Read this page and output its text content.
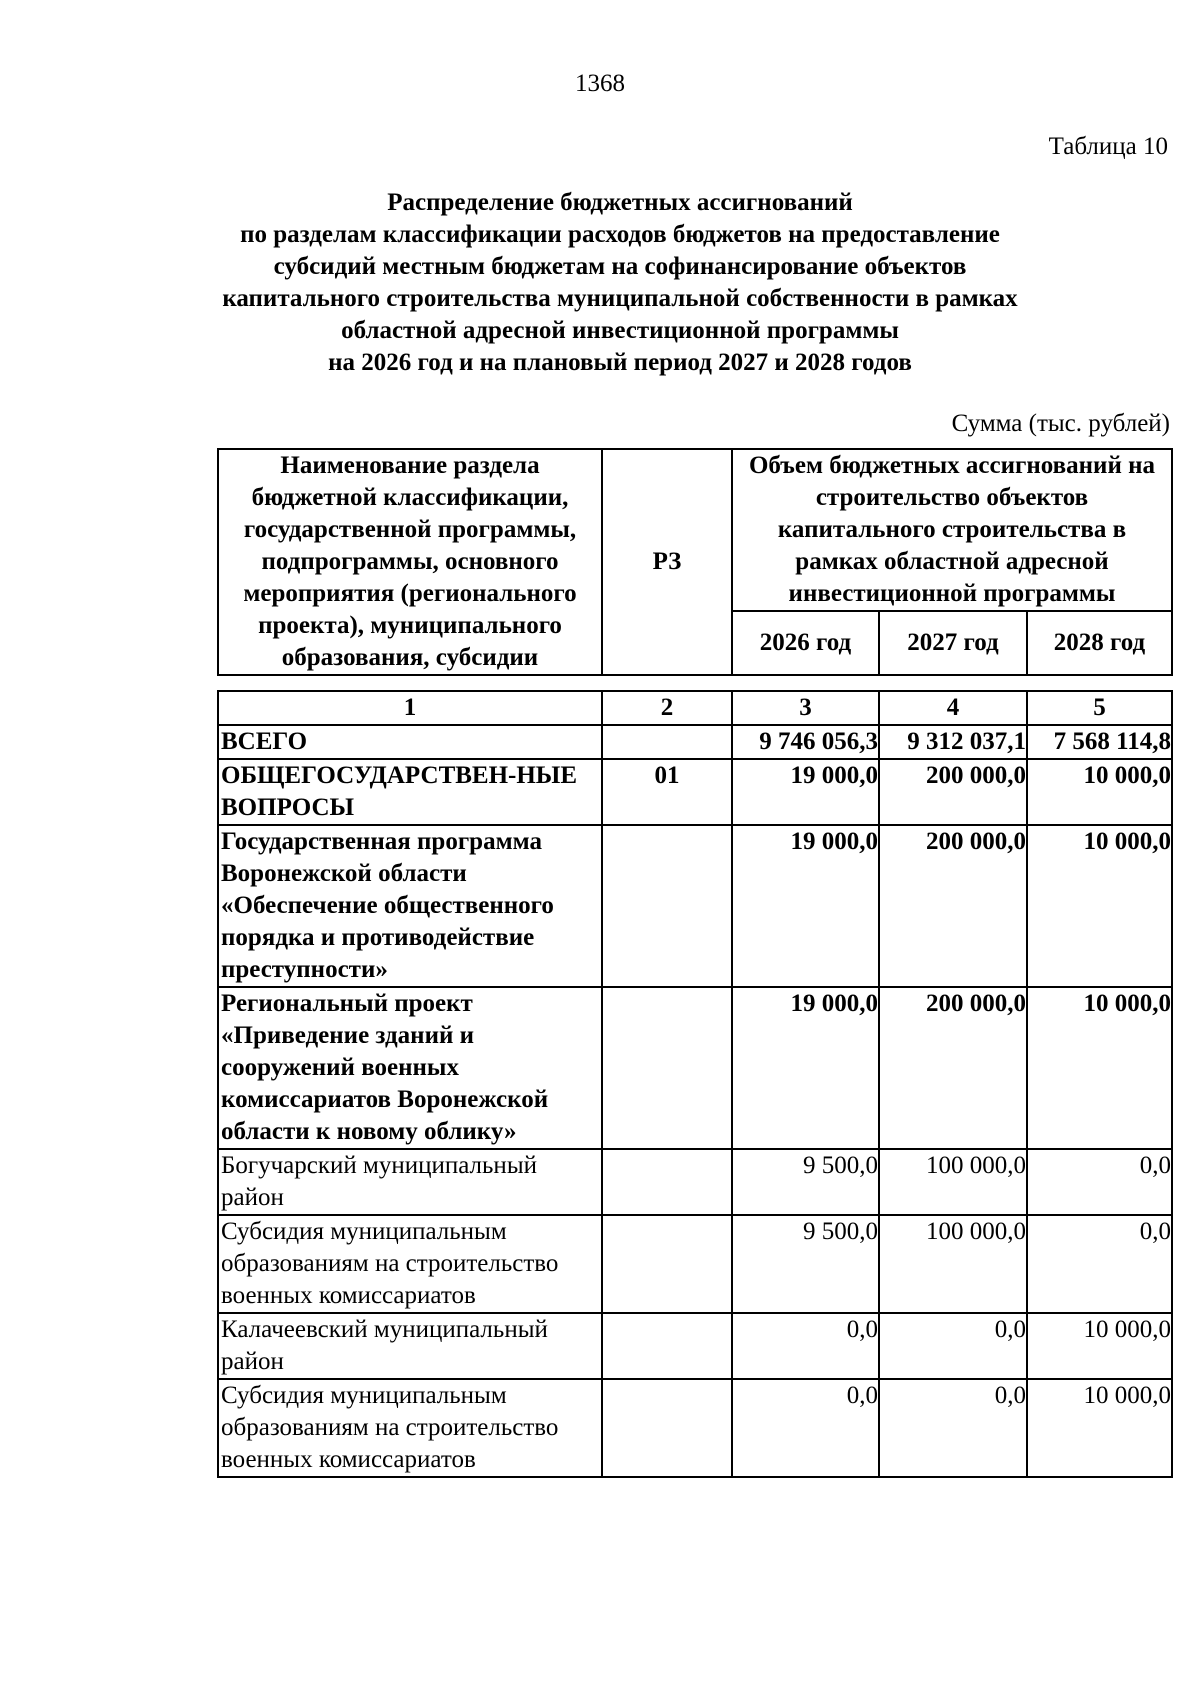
1368
Таблица 10
Распределение бюджетных ассигнований
по разделам классификации расходов бюджетов на предоставление
субсидий местным бюджетам на софинансирование объектов
капитального строительства муниципальной собственности в рамках
областной адресной инвестиционной программы
на 2026 год и на плановый период 2027 и 2028 годов
Сумма (тыс. рублей)
Наименование раздела бюджетной классификации, государственной программы, подпрограммы, основного мероприятия (регионального проекта), муниципального образования, субсидии	РЗ	Объем бюджетных ассигнований на строительство объектов капитального строительства в рамках областной адресной инвестиционной программы		
		2026 год	2027 год	2028 год
1	2	3	4	5
ВСЕГО		9 746 056,3	9 312 037,1	7 568 114,8
ОБЩЕГОСУДАРСТВЕН-НЫЕ ВОПРОСЫ	01	19 000,0	200 000,0	10 000,0
Государственная программа Воронежской области «Обеспечение общественного порядка и противодействие преступности»		19 000,0	200 000,0	10 000,0
Региональный проект «Приведение зданий и сооружений военных комиссариатов Воронежской области к новому облику»		19 000,0	200 000,0	10 000,0
Богучарский муниципальный район		9 500,0	100 000,0	0,0
Субсидия муниципальным образованиям на строительство военных комиссариатов		9 500,0	100 000,0	0,0
Калачеевский муниципальный район		0,0	0,0	10 000,0
Субсидия муниципальным образованиям на строительство военных комиссариатов		0,0	0,0	10 000,0
